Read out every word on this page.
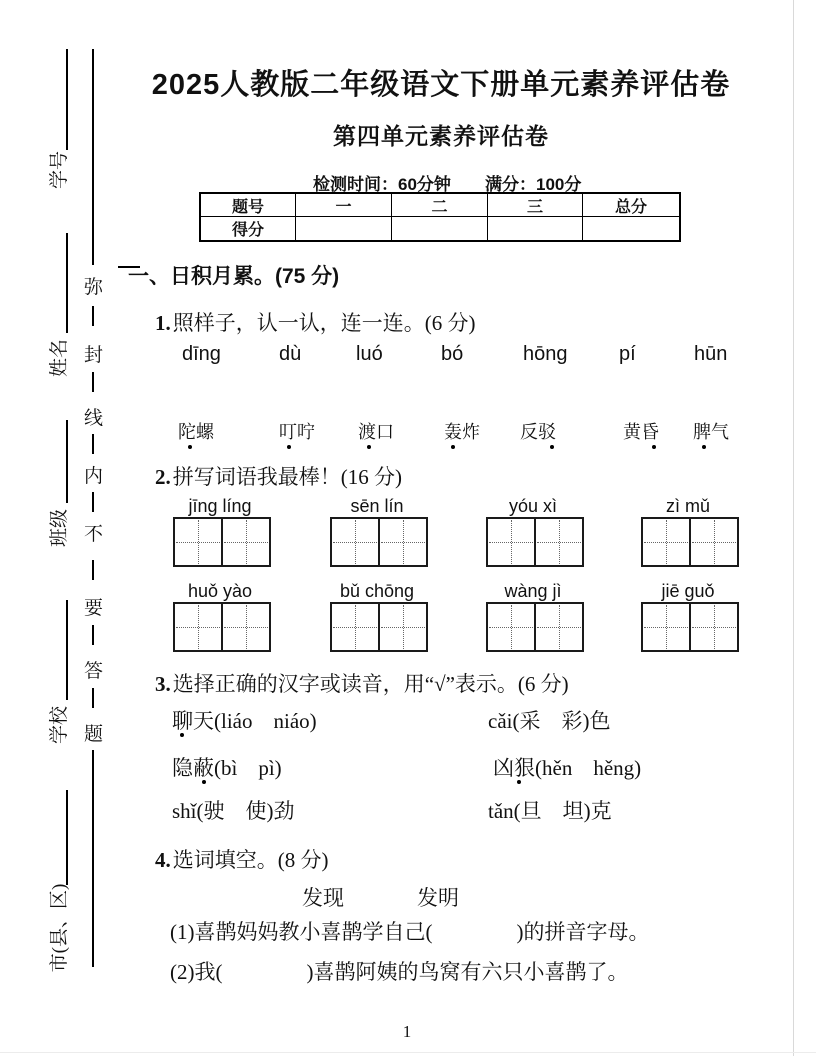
学号
姓名
班级
学校
市(县、区)
弥
封
线
内
不
要
答
题
2025人教版二年级语文下册单元素养评估卷
第四单元素养评估卷
检测时间：60分钟 满分：100分
题号	一	二	三	总分
得分
一、日积月累。(75 分)
1.照样子，认一认，连一连。(6 分)
dīng	dù	luó	bó	hōng	pí	hūn
陀螺	叮咛 渡口	轰炸 反驳	黄昏 脾气
2.拼写词语我最棒！(16 分)
jīng líng	sēn lín	yóu xì	zì mǔ
huǒ yào	bǔ chōng	wàng jì	jiē guǒ
3.选择正确的汉字或读音，用“√”表示。(6 分)
聊天(liáo　niáo)	cǎi(采　彩)色
隐蔽(bì　pì)	凶狠(hěn　hěng)
shǐ(驶　使)劲	tǎn(旦　坦)克
4.选词填空。(8 分)
发现	发明
(1)喜鹊妈妈教小喜鹊学自己(　　　　)的拼音字母。
(2)我(　　　　)喜鹊阿姨的鸟窝有六只小喜鹊了。
1
